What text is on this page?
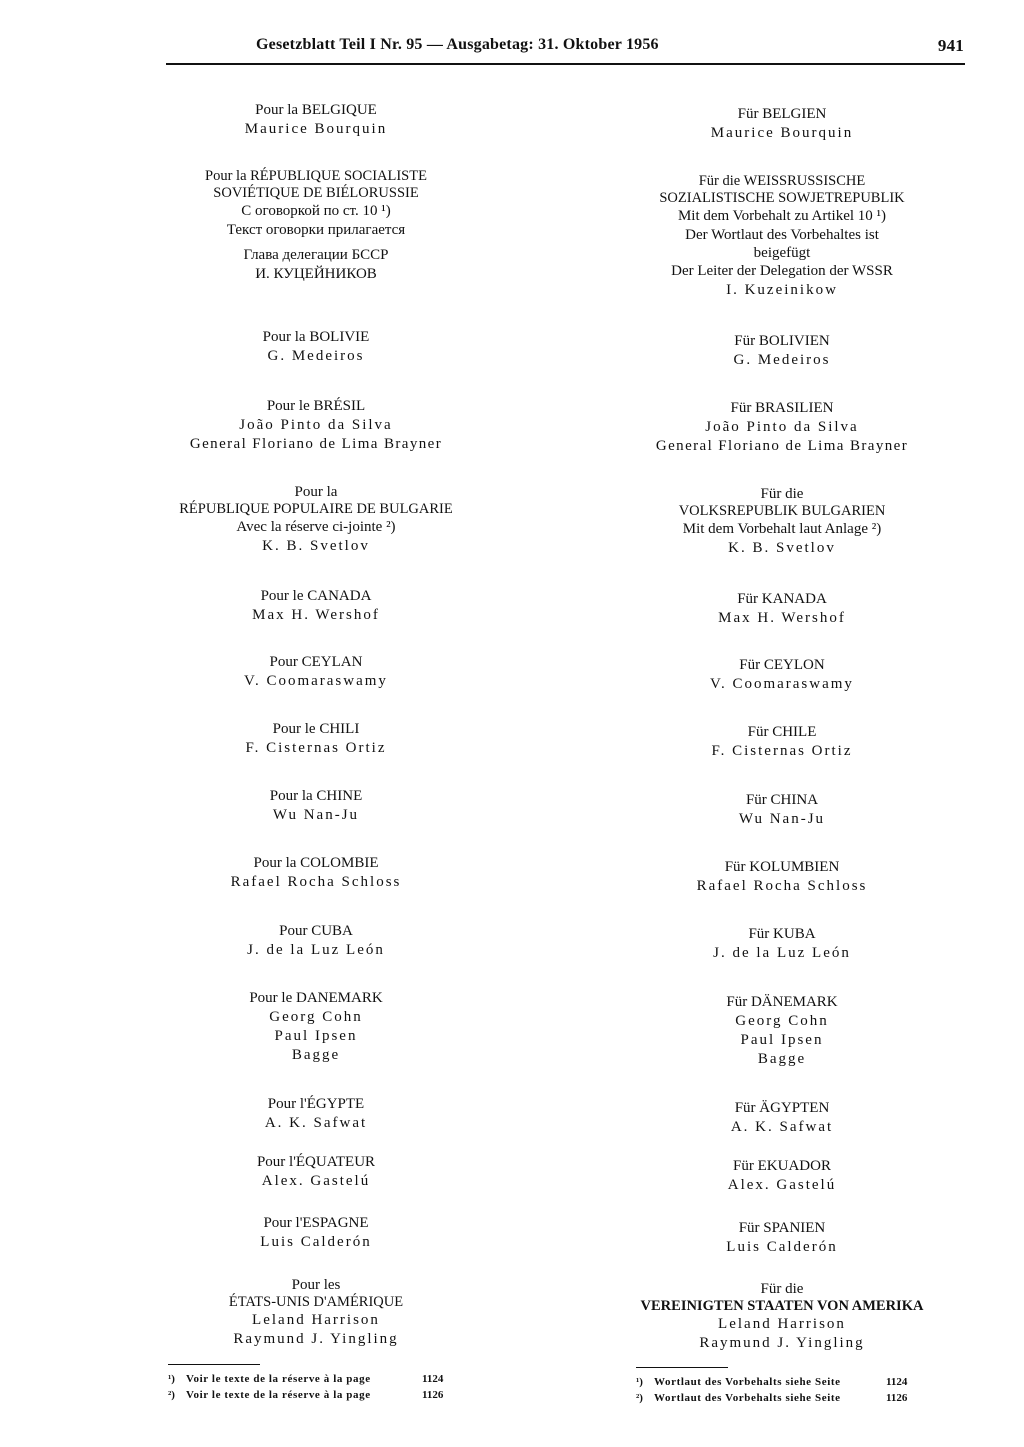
Gesetzblatt Teil I Nr. 95 — Ausgabetag: 31. Oktober 1956	941
Pour la BELGIQUE
Maurice Bourquin
Pour la RÉPUBLIQUE SOCIALISTE
SOVIÉTIQUE DE BIÉLORUSSIE
С оговоркой по ст. 10 ¹)
Текст оговорки прилагается
Глава делегации БССР
И. КУЦЕЙНИКОВ
Pour la BOLIVIE
G. Medeiros
Pour le BRÉSIL
João Pinto da Silva
General Floriano de Lima Brayner
Pour la
RÉPUBLIQUE POPULAIRE DE BULGARIE
Avec la réserve ci-jointe ²)
K. B. Svetlov
Pour le CANADA
Max H. Wershof
Pour CEYLAN
V. Coomaraswamy
Pour le CHILI
F. Cisternas Ortiz
Pour la CHINE
Wu Nan-Ju
Pour la COLOMBIE
Rafael Rocha Schloss
Pour CUBA
J. de la Luz León
Pour le DANEMARK
Georg Cohn
Paul Ipsen
Bagge
Pour l'ÉGYPTE
A. K. Safwat
Pour l'ÉQUATEUR
Alex. Gastelú
Pour l'ESPAGNE
Luis Calderón
Pour les
ÉTATS-UNIS D'AMÉRIQUE
Leland Harrison
Raymund J. Yingling
Für BELGIEN
Maurice Bourquin
Für die WEISSRUSSISCHE
SOZIALISTISCHE SOWJETREPUBLIK
Mit dem Vorbehalt zu Artikel 10 ¹)
Der Wortlaut des Vorbehaltes ist
beigefügt
Der Leiter der Delegation der WSSR
I. Kuzeinikow
Für BOLIVIEN
G. Medeiros
Für BRASILIEN
João Pinto da Silva
General Floriano de Lima Brayner
Für die
VOLKSREPUBLIK BULGARIEN
Mit dem Vorbehalt laut Anlage ²)
K. B. Svetlov
Für KANADA
Max H. Wershof
Für CEYLON
V. Coomaraswamy
Für CHILE
F. Cisternas Ortiz
Für CHINA
Wu Nan-Ju
Für KOLUMBIEN
Rafael Rocha Schloss
Für KUBA
J. de la Luz León
Für DÄNEMARK
Georg Cohn
Paul Ipsen
Bagge
Für ÄGYPTEN
A. K. Safwat
Für EKUADOR
Alex. Gastelú
Für SPANIEN
Luis Calderón
Für die
VEREINIGTEN STAATEN VON AMERIKA
Leland Harrison
Raymund J. Yingling
¹) Voir le texte de la réserve à la page	1124
²) Voir le texte de la réserve à la page	1126
¹) Wortlaut des Vorbehalts siehe Seite	1124
²) Wortlaut des Vorbehalts siehe Seite	1126
